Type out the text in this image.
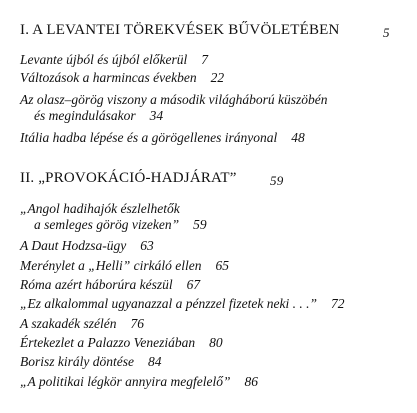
I. A LEVANTEI TÖREKVÉSEK BŰVÖLETÉBEN	5
Levante újból és újból előkerül 7
Változások a harmincas években 22
Az olasz–görög viszony a második világháború küszöbén
és megindulásakor 34
Itália hadba lépése és a görögellenes irányonal 48
II. „PROVOKÁCIÓ-HADJÁRAT”	59
„Angol hadihajók észlelhetők
a semleges görög vizeken” 59
A Daut Hodzsa-ügy 63
Merénylet a „Helli” cirkáló ellen 65
Róma azért háborúra készül 67
„Ez alkalommal ugyanazzal a pénzzel fizetek neki . . .” 72
A szakadék szélén 76
Értekezlet a Palazzo Veneziában 80
Borisz király döntése 84
„A politikai légkör annyira megfelelő” 86
